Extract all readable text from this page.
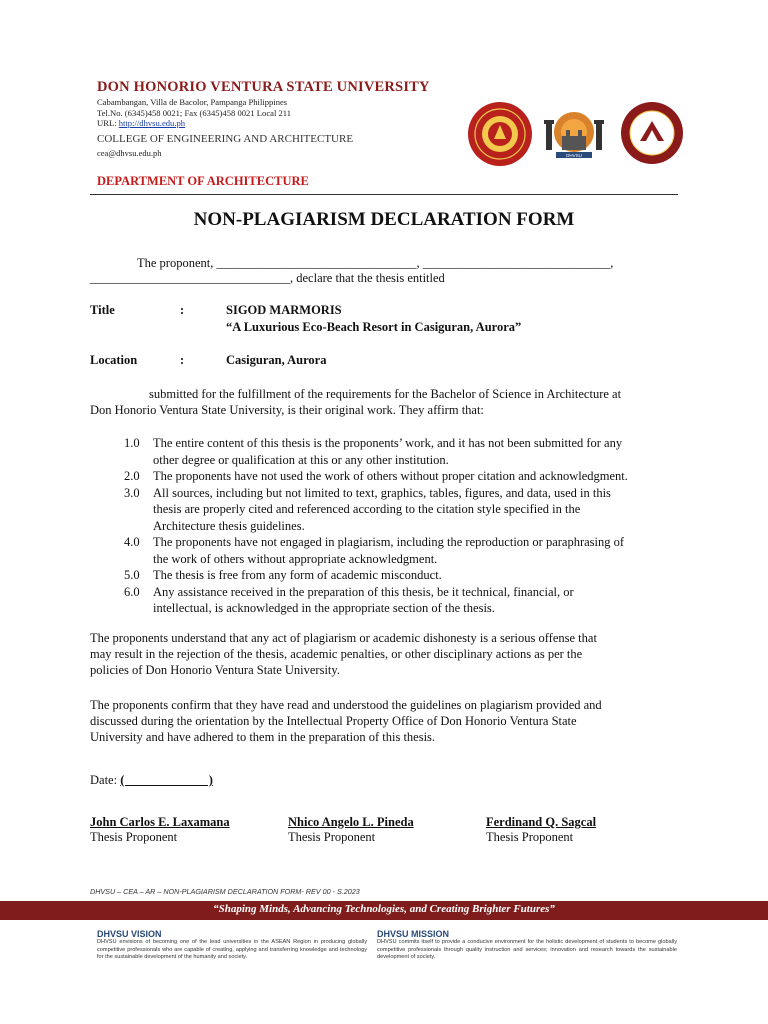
DON HONORIO VENTURA STATE UNIVERSITY
Cabambangan, Villa de Bacolor, Pampanga Philippines
Tel.No. (6345)458 0021; Fax (6345)458 0021 Local 211
URL: http://dhvsu.edu.ph
COLLEGE OF ENGINEERING AND ARCHITECTURE
cea@dhvsu.edu.ph
DEPARTMENT OF ARCHITECTURE
DHVSU
NON-PLAGIARISM DECLARATION FORM
The proponent, ________________________________, ______________________________,
________________________________, declare that the thesis entitled
Title	:	SIGOD MARMORIS
“A Luxurious Eco-Beach Resort in Casiguran, Aurora”
Location	:	Casiguran, Aurora
submitted for the fulfillment of the requirements for the Bachelor of Science in Architecture at
Don Honorio Ventura State University, is their original work. They affirm that:
1.0	The entire content of this thesis is the proponents’ work, and it has not been submitted for any
other degree or qualification at this or any other institution.
2.0	The proponents have not used the work of others without proper citation and acknowledgment.
3.0	All sources, including but not limited to text, graphics, tables, figures, and data, used in this
thesis are properly cited and referenced according to the citation style specified in the
Architecture thesis guidelines.
4.0	The proponents have not engaged in plagiarism, including the reproduction or paraphrasing of
the work of others without appropriate acknowledgment.
5.0	The thesis is free from any form of academic misconduct.
6.0	Any assistance received in the preparation of this thesis, be it technical, financial, or
intellectual, is acknowledged in the appropriate section of the thesis.
The proponents understand that any act of plagiarism or academic dishonesty is a serious offense that
may result in the rejection of the thesis, academic penalties, or other disciplinary actions as per the
policies of Don Honorio Ventura State University.
The proponents confirm that they have read and understood the guidelines on plagiarism provided and
discussed during the orientation by the Intellectual Property Office of Don Honorio Ventura State
University and have adhered to them in the preparation of this thesis.
Date: (                           )
John Carlos E. Laxamana
Thesis Proponent
Nhico Angelo L. Pineda
Thesis Proponent
Ferdinand Q. Sagcal
Thesis Proponent
DHVSU – CEA – AR – NON-PLAGIARISM DECLARATION FORM- REV 00 - S.2023
“Shaping Minds, Advancing Technologies, and Creating Brighter Futures”
DHVSU VISION
DHVSU envisions of becoming one of the lead universities in the ASEAN Region in producing globally competitive professionals who are capable of creating, applying and transferring knowledge and technology for the sustainable development of the humanity and society.
DHVSU MISSION
DHVSU commits itself to provide a conducive environment for the holistic development of students to become globally competitive professionals through quality instruction and services; innovation and research towards the sustainable development of society.
